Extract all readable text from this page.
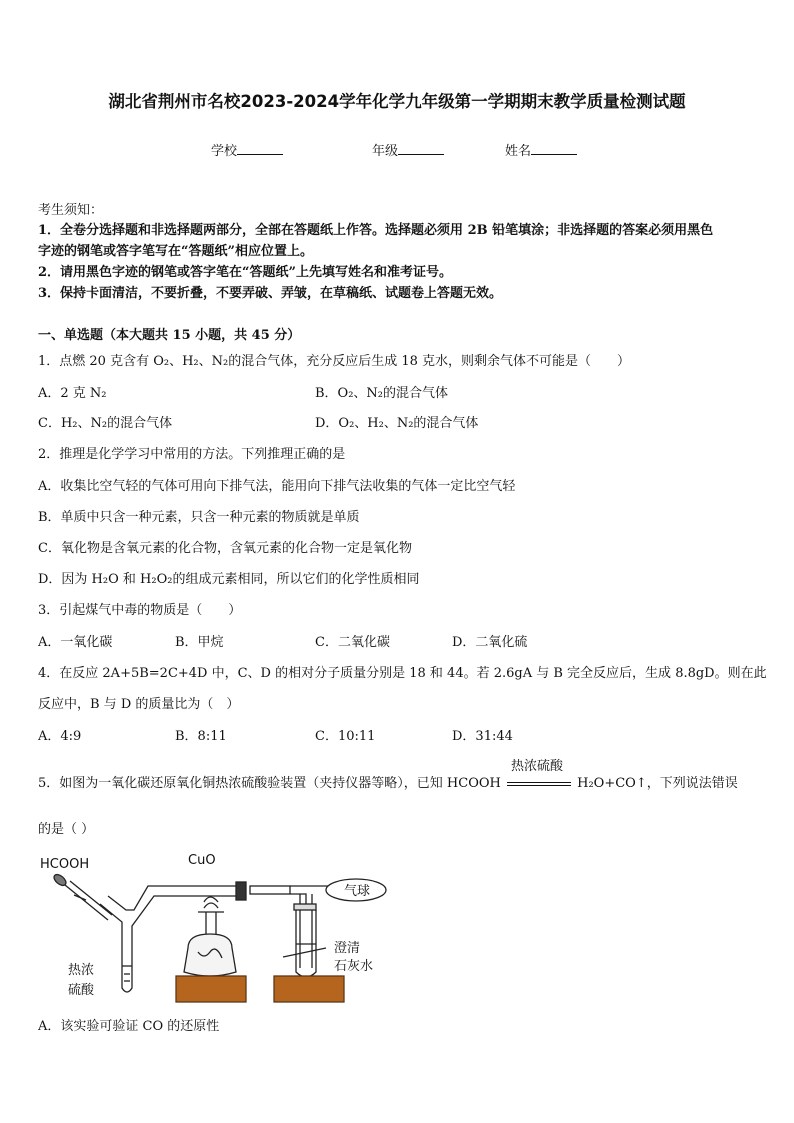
湖北省荆州市名校2023-2024学年化学九年级第一学期期末教学质量检测试题
学校	年级	姓名
考生须知：
1．全卷分选择题和非选择题两部分，全部在答题纸上作答。选择题必须用 2B 铅笔填涂；非选择题的答案必须用黑色
字迹的钢笔或答字笔写在“答题纸”相应位置上。
2．请用黑色字迹的钢笔或答字笔在“答题纸”上先填写姓名和准考证号。
3．保持卡面清洁，不要折叠，不要弄破、弄皱，在草稿纸、试题卷上答题无效。
一、单选题（本大题共 15 小题，共 45 分）
1．点燃 20 克含有 O₂、H₂、N₂的混合气体，充分反应后生成 18 克水，则剩余气体不可能是（　　）
A．2 克 N₂	B．O₂、N₂的混合气体
C．H₂、N₂的混合气体	D．O₂、H₂、N₂的混合气体
2．推理是化学学习中常用的方法。下列推理正确的是
A．收集比空气轻的气体可用向下排气法，能用向下排气法收集的气体一定比空气轻
B．单质中只含一种元素，只含一种元素的物质就是单质
C．氧化物是含氧元素的化合物，含氧元素的化合物一定是氧化物
D．因为 H₂O 和 H₂O₂的组成元素相同，所以它们的化学性质相同
3．引起煤气中毒的物质是（　　）
A．一氧化碳	B．甲烷	C．二氧化碳	D．二氧化硫
4．在反应 2A+5B=2C+4D 中，C、D 的相对分子质量分别是 18 和 44。若 2.6gA 与 B 完全反应后，生成 8.8gD。则在此
反应中，B 与 D 的质量比为（　）
A．4:9	B．8:11	C．10:11	D．31:44
5．如图为一氧化碳还原氧化铜热浓硫酸验装置（夹持仪器等略），已知 HCOOH
热浓硫酸
H₂O+CO↑，下列说法错误
的是（ ）
HCOOH	CuO
气球
澄清
石灰水
热浓
硫酸
A．该实验可验证 CO 的还原性
